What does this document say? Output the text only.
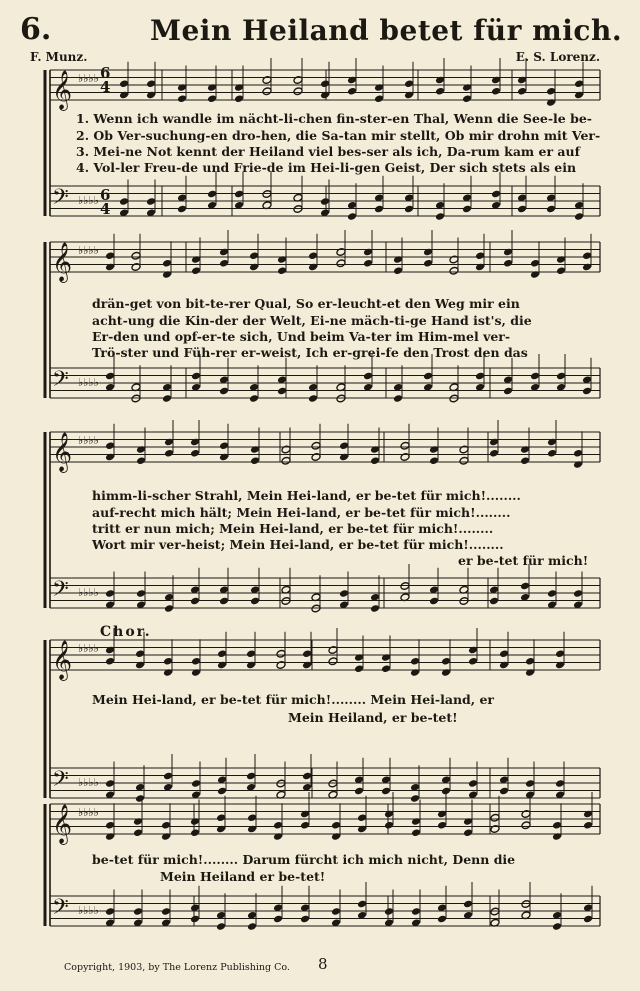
6.	Mein Heiland betet für mich.
F. Munz.	E. S. Lorenz.
𝄞
𝄢
♭♭♭♭
♭♭♭♭
𝄞
𝄢
♭♭♭♭
♭♭♭♭
𝄞
𝄢
♭♭♭♭
♭♭♭♭
𝄞
𝄢
♭♭♭♭
♭♭♭♭
𝄞
𝄢
♭♭♭♭
♭♭♭♭
6
4
6
4
1. Wenn ich wandle im nächt-li-chen fin-ster-en Thal, Wenn die See-le be-
2. Ob Ver-suchung-en dro-hen, die Sa-tan mir stellt, Ob mir drohn mit Ver-
3. Mei-ne Not kennt der Heiland viel bes-ser als ich, Da-rum kam er auf
4. Vol-ler Freu-de und Frie-de im Hei-li-gen Geist, Der sich stets als ein
drän-get von bit-te-rer Qual, So er-leucht-et den Weg mir ein
acht-ung die Kin-der der Welt, Ei-ne mäch-ti-ge Hand ist's, die
Er-den und opf-er-te sich, Und beim Va-ter im Him-mel ver-
Trö-ster und Füh-rer er-weist, Ich er-grei-fe den Trost den das
himm-li-scher Strahl, Mein Hei-land, er be-tet für mich!........
auf-recht mich hält; Mein Hei-land, er be-tet für mich!........
tritt er nun mich; Mein Hei-land, er be-tet für mich!........
Wort mir ver-heist; Mein Hei-land, er be-tet für mich!........
er be-tet für mich!
Chor.
Mein Hei-land, er be-tet für mich!........ Mein Hei-land, er
Mein Heiland, er be-tet!
be-tet für mich!........ Darum fürcht ich mich nicht, Denn die
Mein Heiland er be-tet!
Copyright, 1903, by The Lorenz Publishing Co. 8
